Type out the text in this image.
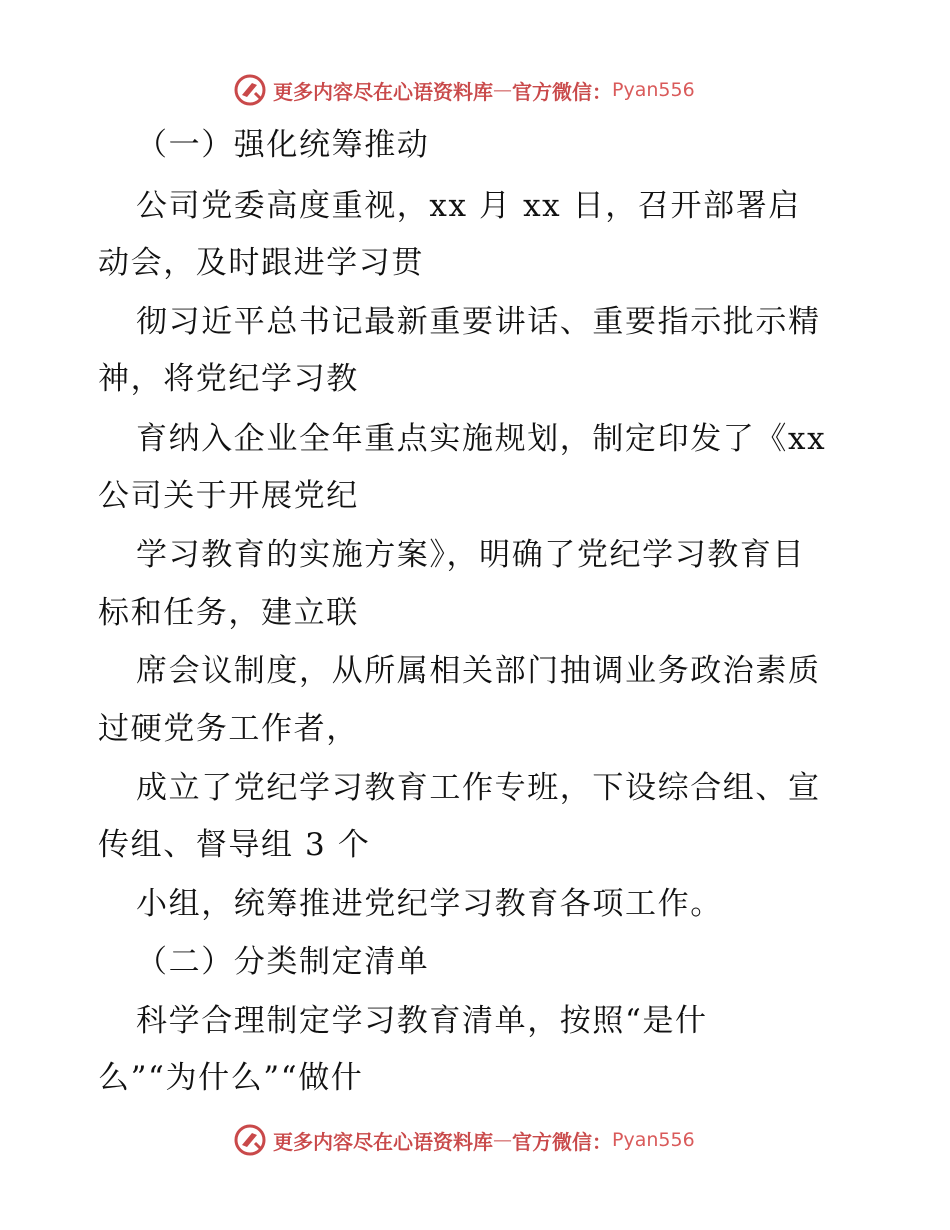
更多内容尽在心语资料库 — 官方微信： Pyan556
（一）强化统筹推动
公司党委高度重视，xx 月 xx 日，召开部署启
动会，及时跟进学习贯
彻习近平总书记最新重要讲话、重要指示批示精
神，将党纪学习教
育纳入企业全年重点实施规划，制定印发了《xx
公司关于开展党纪
学习教育的实施方案》，明确了党纪学习教育目
标和任务，建立联
席会议制度，从所属相关部门抽调业务政治素质
过硬党务工作者，
成立了党纪学习教育工作专班，下设综合组、宣
传组、督导组 3 个
小组，统筹推进党纪学习教育各项工作。
（二）分类制定清单
科学合理制定学习教育清单，按照“是什
么”“为什么”“做什
更多内容尽在心语资料库 — 官方微信： Pyan556
